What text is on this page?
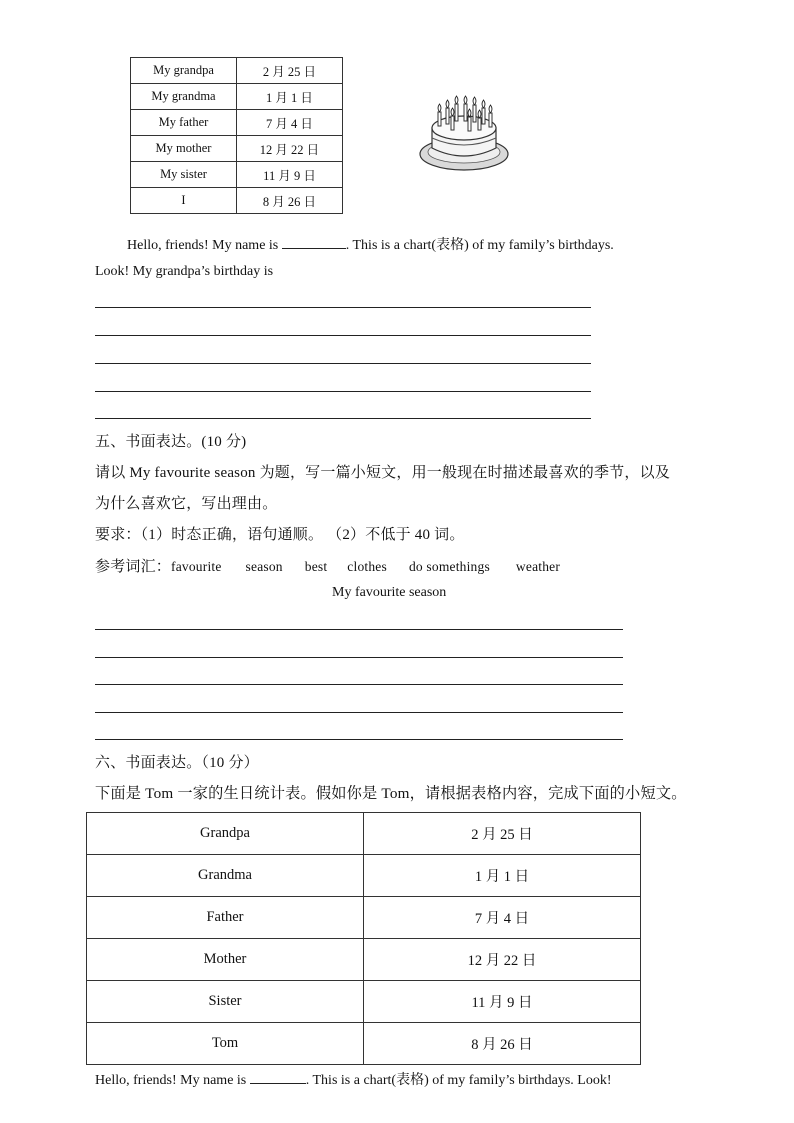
My grandpa	2 月 25 日
My grandma	1 月 1 日
My father	7 月 4 日
My mother	12 月 22 日
My sister	11 月 9 日
I	8 月 26 日
Hello, friends! My name is	. This is a chart(表格) of my family’s birthdays.
Look! My grandpa’s birthday is
五、书面表达。(10 分)
请以 My favourite season 为题，写一篇小短文，用一般现在时描述最喜欢的季节，以及
为什么喜欢它，写出理由。
要求：（1）时态正确，语句通顺。 （2）不低于 40 词。
参考词汇：favourite season best clothes do somethings weather
My favourite season
六、书面表达。（10 分）
下面是 Tom 一家的生日统计表。假如你是 Tom，请根据表格内容，完成下面的小短文。
Grandpa	2 月 25 日
Grandma	1 月 1 日
Father	7 月 4 日
Mother	12 月 22 日
Sister	11 月 9 日
Tom	8 月 26 日
Hello, friends! My name is	. This is a chart(表格) of my family’s birthdays. Look!
